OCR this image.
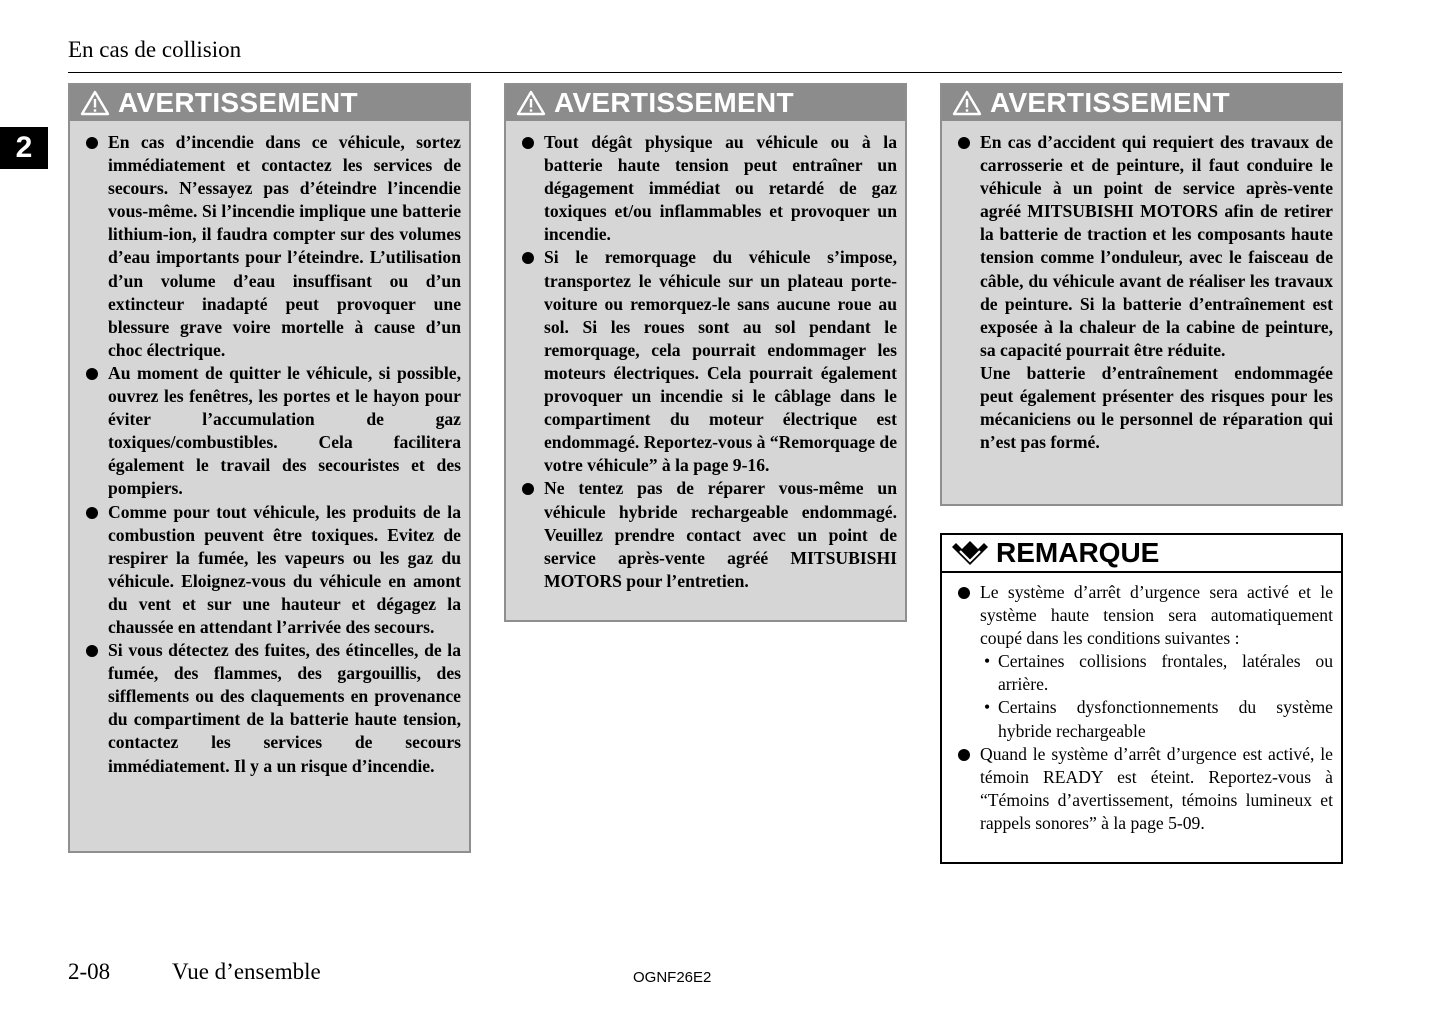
En cas de collision
2
AVERTISSEMENT
En cas d’incendie dans ce véhicule, sortez immédiatement et contactez les services de secours. N’essayez pas d’éteindre l’incendie vous-même. Si l’incendie implique une batterie lithium-ion, il faudra compter sur des volumes d’eau importants pour l’éteindre. L’utilisation d’un volume d’eau insuffisant ou d’un extincteur inadapté peut provoquer une blessure grave voire mortelle à cause d’un choc électrique.
Au moment de quitter le véhicule, si possible, ouvrez les fenêtres, les portes et le hayon pour éviter l’accumulation de gaz toxiques/combustibles. Cela facilitera également le travail des secouristes et des pompiers.
Comme pour tout véhicule, les produits de la combustion peuvent être toxiques. Evitez de respirer la fumée, les vapeurs ou les gaz du véhicule. Eloignez-vous du véhicule en amont du vent et sur une hauteur et dégagez la chaussée en attendant l’arrivée des secours.
Si vous détectez des fuites, des étincelles, de la fumée, des flammes, des gargouillis, des sifflements ou des claquements en provenance du compartiment de la batterie haute tension, contactez les services de secours immédiatement. Il y a un risque d’incendie.
AVERTISSEMENT
Tout dégât physique au véhicule ou à la batterie haute tension peut entraîner un dégagement immédiat ou retardé de gaz toxiques et/ou inflammables et provoquer un incendie.
Si le remorquage du véhicule s’impose, transportez le véhicule sur un plateau porte-voiture ou remorquez-le sans aucune roue au sol. Si les roues sont au sol pendant le remorquage, cela pourrait endommager les moteurs électriques. Cela pourrait également provoquer un incendie si le câblage dans le compartiment du moteur électrique est endommagé. Reportez-vous à “Remorquage de votre véhicule” à la page 9-16.
Ne tentez pas de réparer vous-même un véhicule hybride rechargeable endommagé. Veuillez prendre contact avec un point de service après-vente agréé MITSUBISHI MOTORS pour l’entretien.
AVERTISSEMENT
En cas d’accident qui requiert des travaux de carrosserie et de peinture, il faut conduire le véhicule à un point de service après-vente agréé MITSUBISHI MOTORS afin de retirer la batterie de traction et les composants haute tension comme l’onduleur, avec le faisceau de câble, du véhicule avant de réaliser les travaux de peinture. Si la batterie d’entraînement est exposée à la chaleur de la cabine de peinture, sa capacité pourrait être réduite.
Une batterie d’entraînement endommagée peut également présenter des risques pour les mécaniciens ou le personnel de réparation qui n’est pas formé.
REMARQUE
Le système d’arrêt d’urgence sera activé et le système haute tension sera automatiquement coupé dans les conditions suivantes :
• Certaines collisions frontales, latérales ou arrière.
• Certains dysfonctionnements du système hybride rechargeable
Quand le système d’arrêt d’urgence est activé, le témoin READY est éteint. Reportez-vous à “Témoins d’avertissement, témoins lumineux et rappels sonores” à la page 5-09.
2-08	Vue d’ensemble	OGNF26E2
